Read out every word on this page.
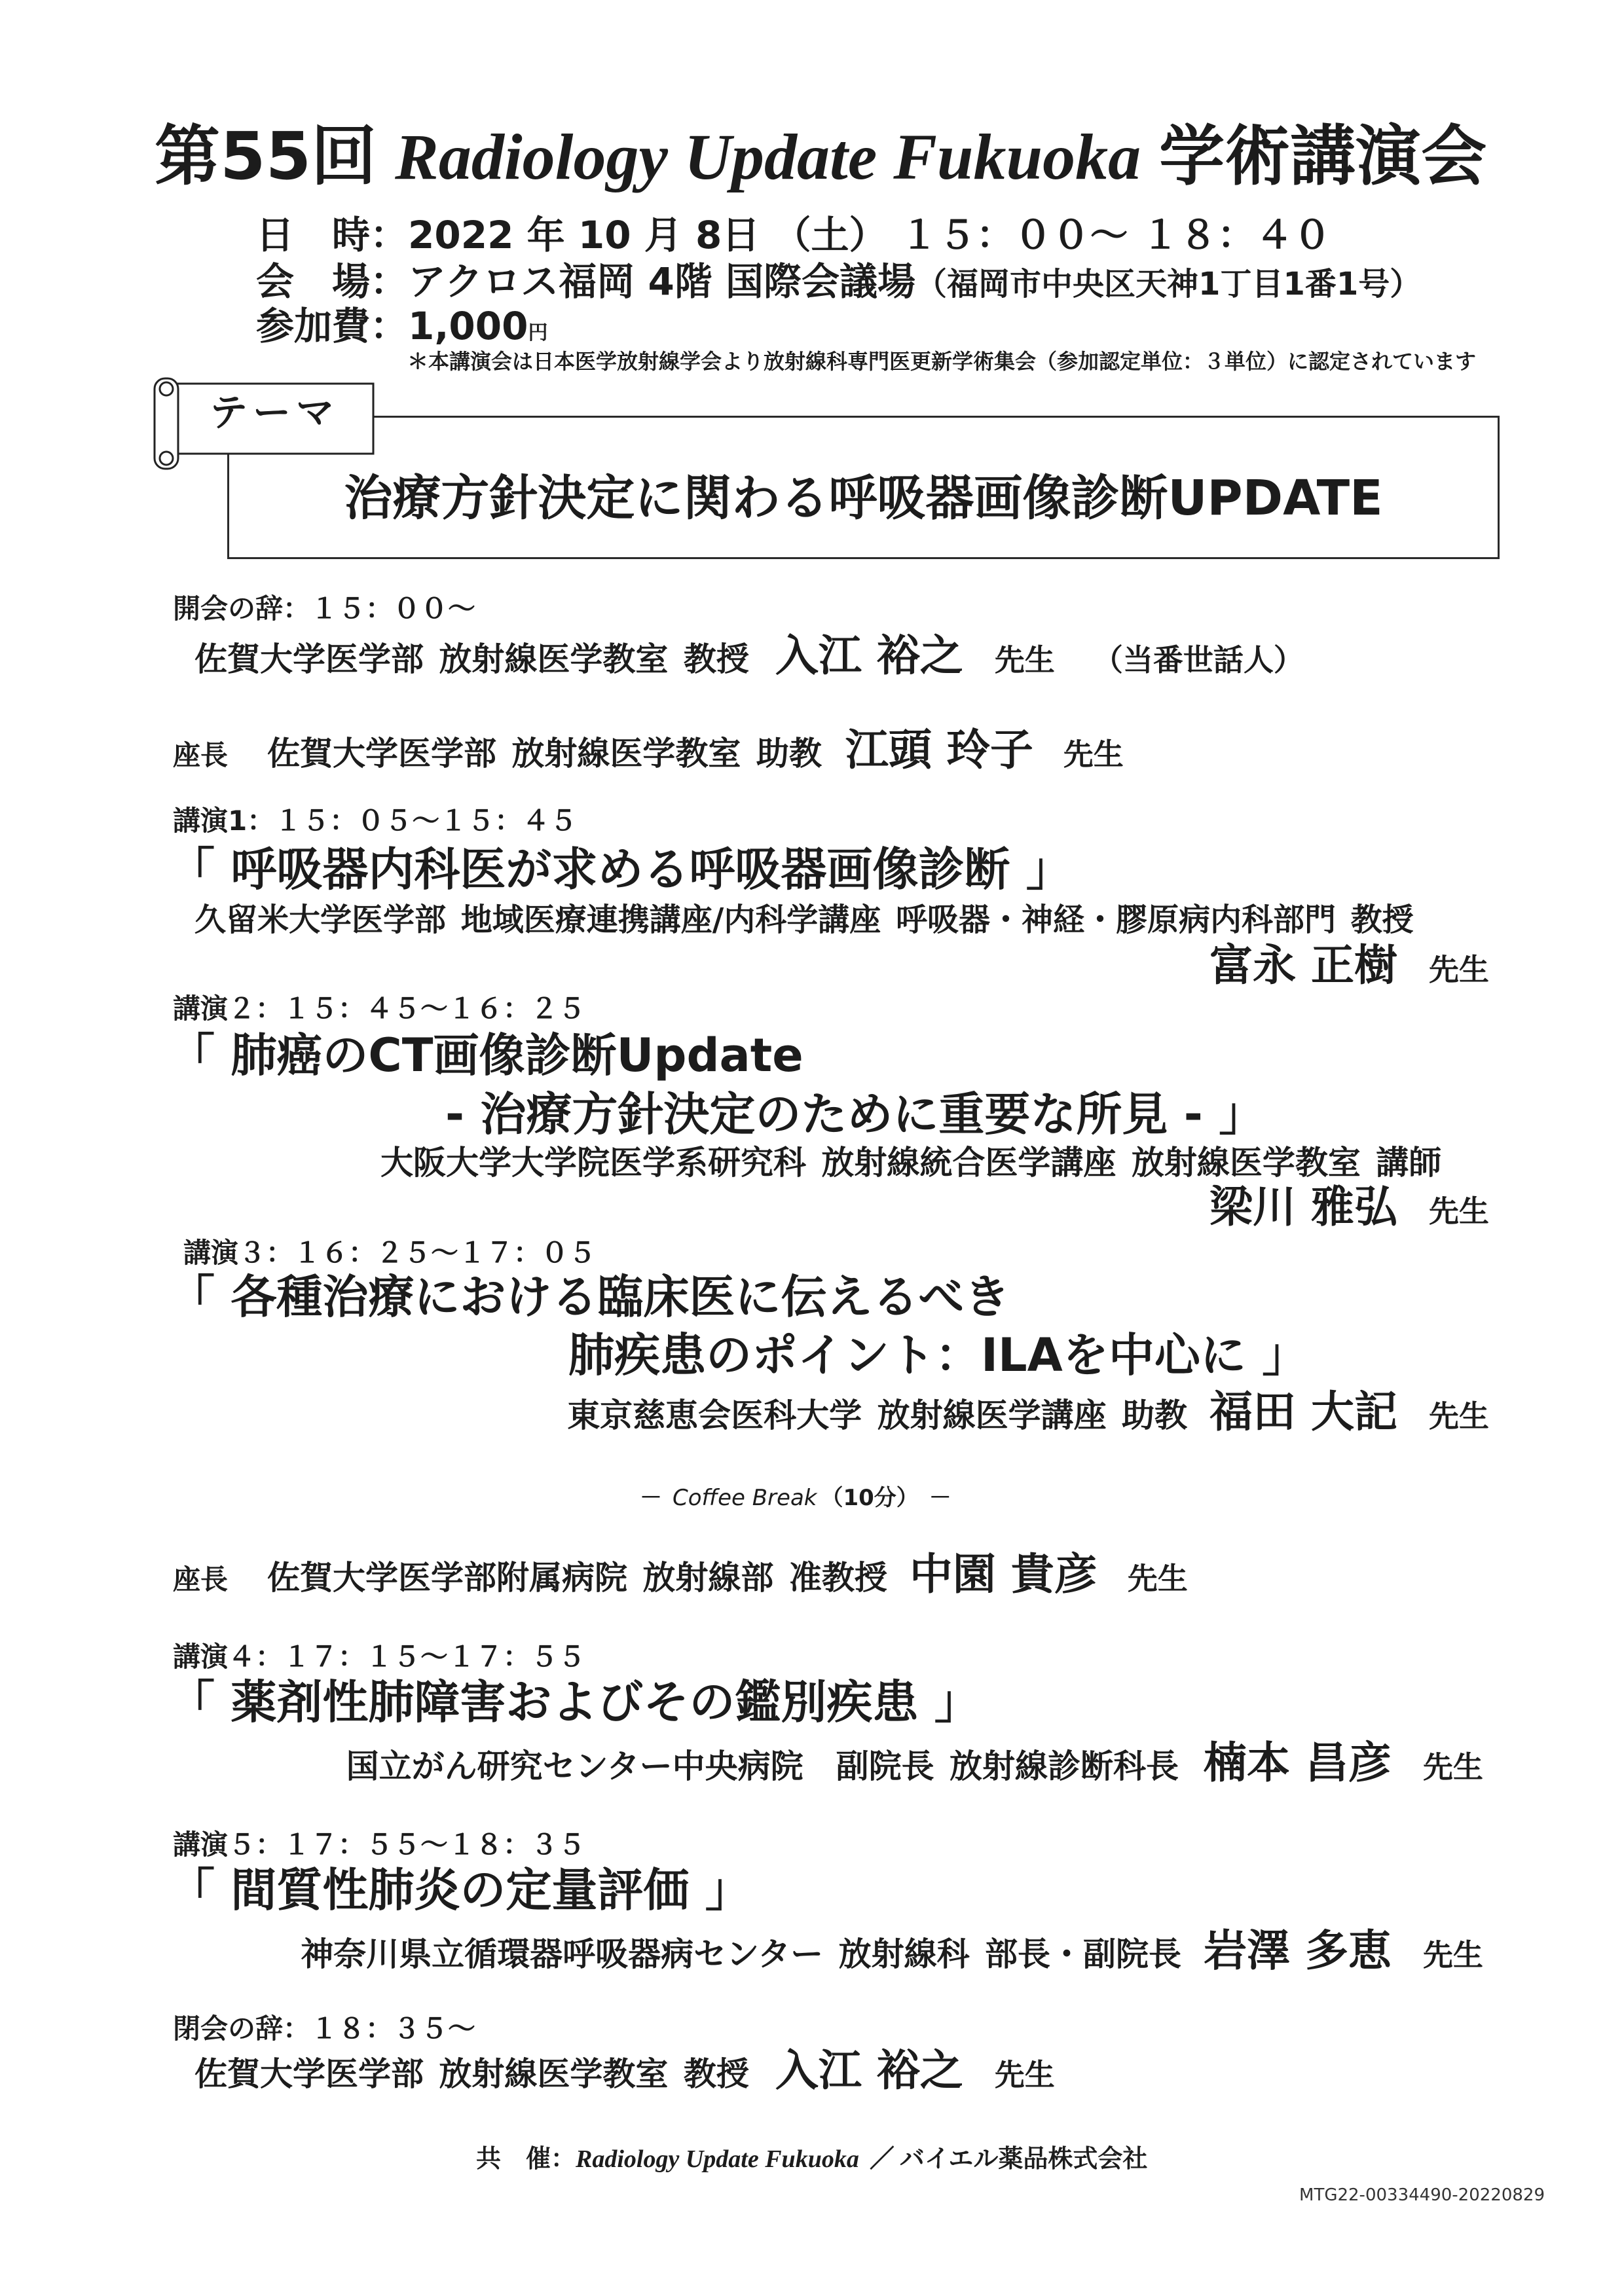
第55回 Radiology Update Fukuoka 学術講演会
日　時 ： 2022 年 10 月 8日 （土） １５：００～ １８：４０
会　場 ： アクロス福岡 4階 国際会議場 （福岡市中央区天神1丁目1番1号）
参加費 ： 1,000 円
＊本講演会は日本医学放射線学会より放射線科専門医更新学術集会（参加認定単位：３単位）に認定されています
治療方針決定に関わる呼吸器画像診断UPDATE
テーマ
開会の辞：１５：００～
佐賀大学医学部 放射線医学教室 教授 入江 裕之 先生 （当番世話人）
座長 佐賀大学医学部 放射線医学教室 助教 江頭 玲子 先生
講演1：１５：０５～１５：４５
「 呼吸器内科医が求める呼吸器画像診断 」
久留米大学医学部 地域医療連携講座/内科学講座 呼吸器・神経・膠原病内科部門 教授
富永 正樹 先生
講演２：１５：４５～１６：２５
「 肺癌のCT画像診断Update
- 治療方針決定のために重要な所見 - 」
大阪大学大学院医学系研究科 放射線統合医学講座 放射線医学教室 講師
梁川 雅弘 先生
講演３：１６：２５～１７：０５
「 各種治療における臨床医に伝えるべき
肺疾患のポイント：ILAを中心に 」
東京慈恵会医科大学 放射線医学講座 助教 福田 大記 先生
－ Coffee Break （10分） －
座長 佐賀大学医学部附属病院 放射線部 准教授 中園 貴彦 先生
講演４：１７：１５～１７：５５
「 薬剤性肺障害およびその鑑別疾患 」
国立がん研究センター中央病院　副院長 放射線診断科長 楠本 昌彦 先生
講演５：１７：５５～１８：３５
「 間質性肺炎の定量評価 」
神奈川県立循環器呼吸器病センター 放射線科 部長・副院長 岩澤 多恵 先生
閉会の辞：１８：３５～
佐賀大学医学部 放射線医学教室 教授 入江 裕之 先生
共　催： Radiology Update Fukuoka ／ バイエル薬品株式会社
MTG22-00334490-20220829
